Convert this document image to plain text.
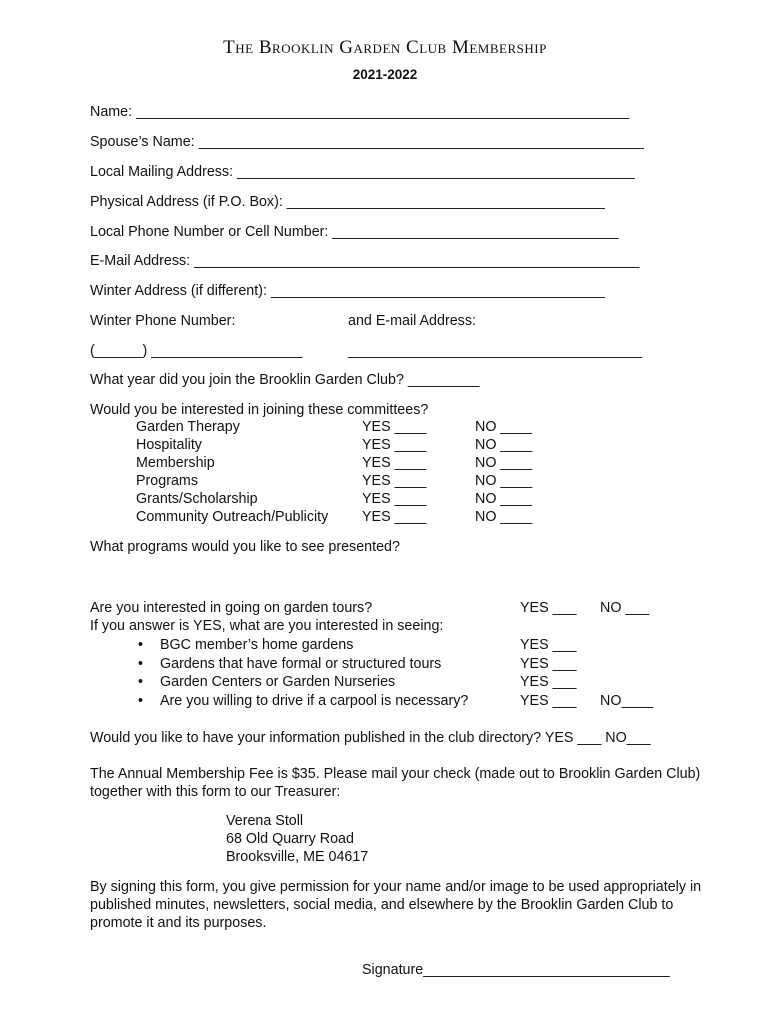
The Brooklin Garden Club Membership
2021-2022
Name: ______________________________________________________________
Spouse’s Name: ________________________________________________________
Local Mailing Address: __________________________________________________
Physical Address (if P.O. Box): ________________________________________
Local Phone Number or Cell Number: ____________________________________
E-Mail Address: ________________________________________________________
Winter Address (if different): __________________________________________
Winter Phone Number:	and E-mail Address:
(______) ___________________	_____________________________________
What year did you join the Brooklin Garden Club? _________
Would you be interested in joining these committees?
Garden Therapy	YES ____	NO ____
Hospitality	YES ____	NO ____
Membership	YES ____	NO ____
Programs	YES ____	NO ____
Grants/Scholarship	YES ____	NO ____
Community Outreach/Publicity YES ____	NO ____
What programs would you like to see presented?
Are you interested in going on garden tours?	YES ___ NO ___
If you answer is YES, what are you interested in seeing:
• BGC member’s home gardens	YES ___
• Gardens that have formal or structured tours	YES ___
• Garden Centers or Garden Nurseries	YES ___
• Are you willing to drive if a carpool is necessary?	YES ___ NO____
Would you like to have your information published in the club directory? YES ___ NO___
The Annual Membership Fee is $35. Please mail your check (made out to Brooklin Garden Club) together with this form to our Treasurer:
Verena Stoll
68 Old Quarry Road
Brooksville, ME 04617
By signing this form, you give permission for your name and/or image to be used appropriately in published minutes, newsletters, social media, and elsewhere by the Brooklin Garden Club to promote it and its purposes.
Signature_______________________________
